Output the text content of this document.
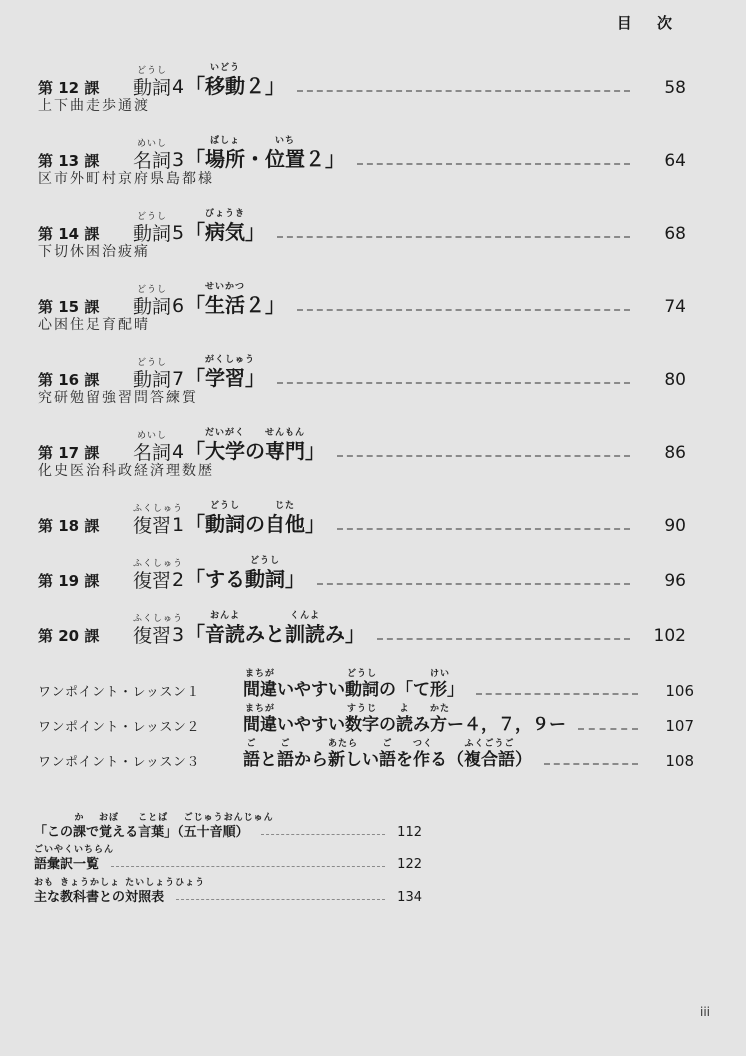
目 次
第 12 課
どうし
動詞 4 「
いどう
移動２」	58
上下曲走歩通渡
第 13 課
めいし
名詞 3 「
ばしょ
場所・
いち
位置２」	64
区市外町村京府県島都様
第 14 課
どうし
動詞 5 「
びょうき
病気」	68
下切休困治疲痛
第 15 課
どうし
動詞 6 「
せいかつ
生活２」	74
心困住足育配晴
第 16 課
どうし
動詞 7 「
がくしゅう
学習」	80
究研勉留強習問答練質
第 17 課
めいし
名詞 4 「
だいがく
大学の
せんもん
専門」	86
化史医治科政経済理数歴
第 18 課
ふくしゅう
復習 1 「
どうし
動詞の
じた
自他」	90
第 19 課
ふくしゅう
復習 2 「する
どうし
動詞」	96
第 20 課
ふくしゅう
復習 3 「
おんよ
音読みと
くんよ
訓読み」	102
ワンポイント・レッスン１
まちが
間違いやすい
どうし
動詞の「て
けい
形」	106
ワンポイント・レッスン２
まちが
間違いやすい
すうじ
数字の
よ
読み
かた
方ー４，７，９ー	107
ワンポイント・レッスン３
ご
語と
ご
語から
あたら
新しい
ご
語を
つく
作る（
ふくごうご
複合語）	108
「この
か
課で
おぼ
覚える
ことば
言葉」（
ごじゅうおんじゅん
五十音順）	112
ごいやくいちらん
語彙訳一覧	122
おも
主な
きょうかしょ
教科書との
たいしょうひょう
対照表	134
iii
